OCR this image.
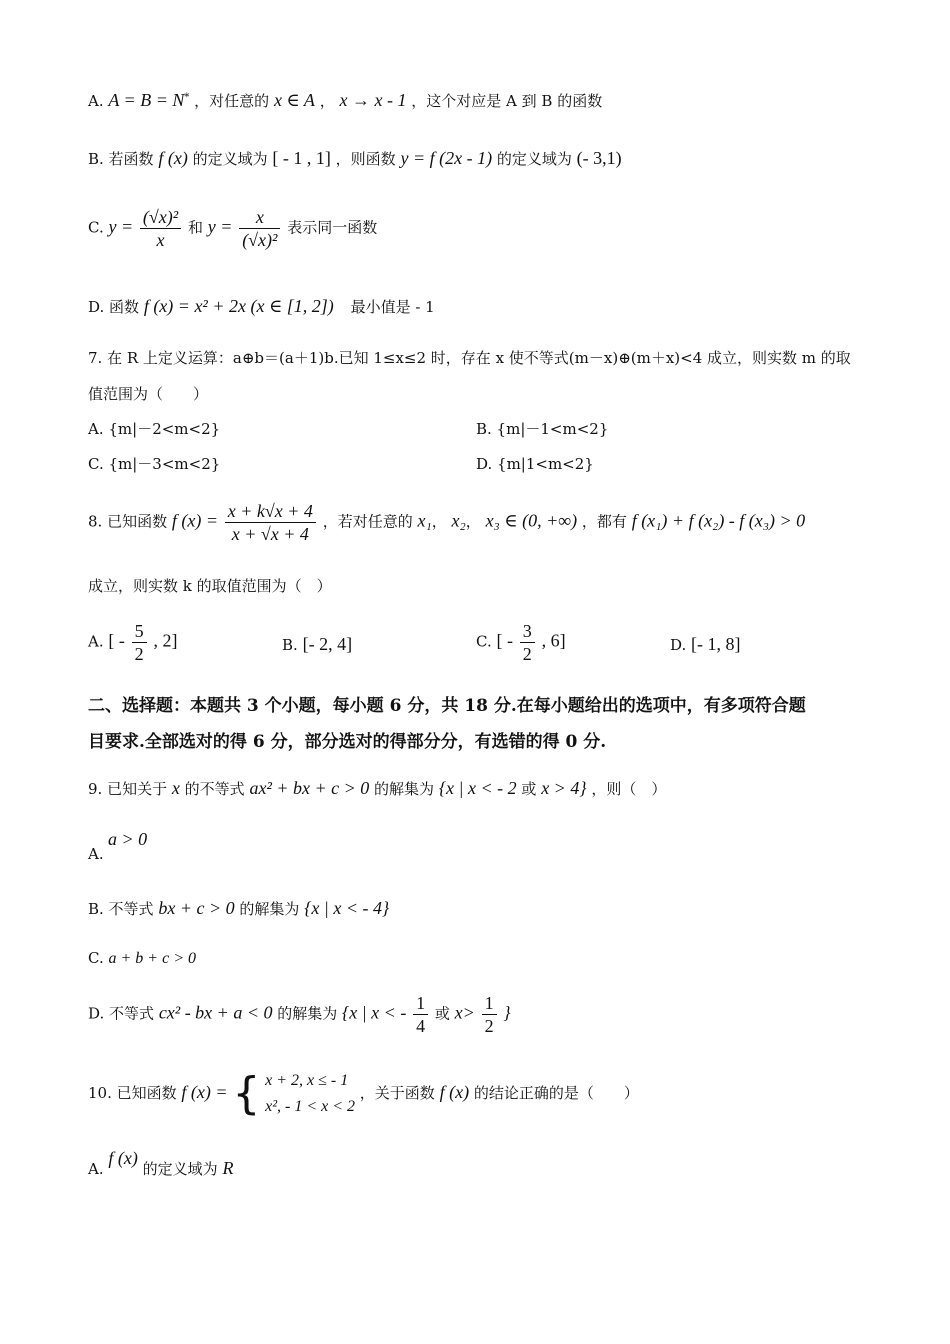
A. A = B = N* ，对任意的 x ∈ A ， x → x - 1 ，这个对应是 A 到 B 的函数
B. 若函数 f (x) 的定义域为 [ - 1 , 1] ，则函数 y = f (2x - 1) 的定义域为 (- 3,1)
C. $y = \frac{\text{(√x)²}}{x}$ 和 $y = \frac{x}{\text{(√x)²}}$ 表示同一函数
D. 函数 f (x) = x² + 2x (x ∈ [1, 2]) 最小值是 - 1
7. 在 R 上定义运算：a⊕b＝(a＋1)b.已知 1≤x≤2 时，存在 x 使不等式(m－x)⊕(m＋x)<4 成立，则实数 m 的取
值范围为（　　）
A. {m|－2<m<2}	B. {m|－1<m<2}
C. {m|－3<m<2}	D. {m|1<m<2}
8. 已知函数 f $(x) = \frac{x + k√x + 4}{x + √x + 4}$ ，若对任意的 x₁， x₂， x₃ ∈ (0, +∞) ，都有 f (x₁) + f (x₂) - f (x₃) > 0
成立，则实数 k 的取值范围为（　）
A. [ - $\frac{5}{2}$ , 2]	B. [- 2, 4]	C. [ - $\frac{3}{2}$ , 6]	D. [- 1, 8]
二、选择题：本题共 3 个小题，每小题 6 分，共 18 分.在每小题给出的选项中，有多项符合题
目要求.全部选对的得 6 分，部分选对的得部分分，有选错的得 0 分.
9. 已知关于 x 的不等式 ax² + bx + c > 0 的解集为 {x | x < - 2 或 x > 4} ，则（　）
a > 0
A.
B. 不等式 bx + c > 0 的解集为 {x | x < - 4}
C. a + b + c > 0
D. 不等式 cx² - bx + a < 0 的解集为 {x | x < - $\frac{1}{4}$ 或 $x> \frac{1}{2}$ }
10. 已知函数 f (x) = { x + 2, x ≤ - 1
x², - 1 < x < 2
，关于函数 f (x) 的结论正确的是（　　）
A. f (x) 的定义域为 R
